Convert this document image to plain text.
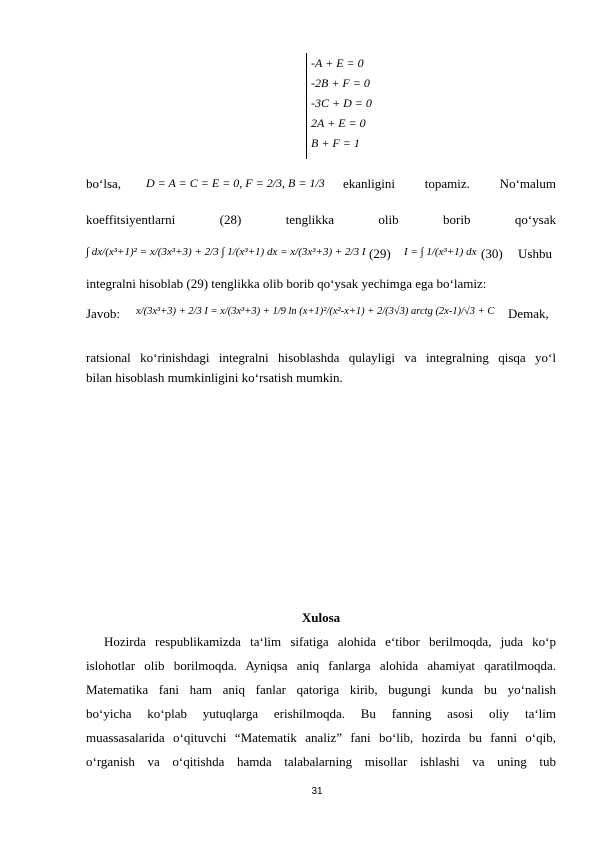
-A + E = 0
-2B + F = 0
-3C + D = 0
2A + E = 0
B + F = 1
bo‘lsa, D = A = C = E = 0, F = 2/3, B = 1/3 ekanligini topamiz. No‘malum
koeffitsiyentlarni (28) tenglikka olib borib qo‘ysak
∫ dx/(x³+1)² = x/(3x³+3) + 2/3 ∫ 1/(x³+1) dx = x/(3x³+3) + 2/3 I (29) I = ∫ 1/(x³+1) dx (30) Ushbu
integralni hisoblab (29) tenglikka olib borib qo‘ysak yechimga ega bo‘lamiz:
Javob: x/(3x³+3) + 2/3 I = x/(3x³+3) + 1/9 ln (x+1)²/(x²-x+1) + 2/(3√3) arctg (2x-1)/√3 + C Demak,
ratsional ko‘rinishdagi integralni hisoblashda qulayligi va integralning qisqa yo‘l
bilan hisoblash mumkinligini ko‘rsatish mumkin.
Xulosa
Hozirda respublikamizda ta‘lim sifatiga alohida e‘tibor berilmoqda, juda ko‘p
islohotlar olib borilmoqda. Ayniqsa aniq fanlarga alohida ahamiyat qaratilmoqda.
Matematika fani ham aniq fanlar qatoriga kirib, bugungi kunda bu yo‘nalish
bo‘yicha ko‘plab yutuqlarga erishilmoqda. Bu fanning asosi oliy ta‘lim
muassasalarida o‘qituvchi “Matematik analiz” fani bo‘lib, hozirda bu fanni o‘qib,
o‘rganish va o‘qitishda hamda talabalarning misollar ishlashi va uning tub
31
